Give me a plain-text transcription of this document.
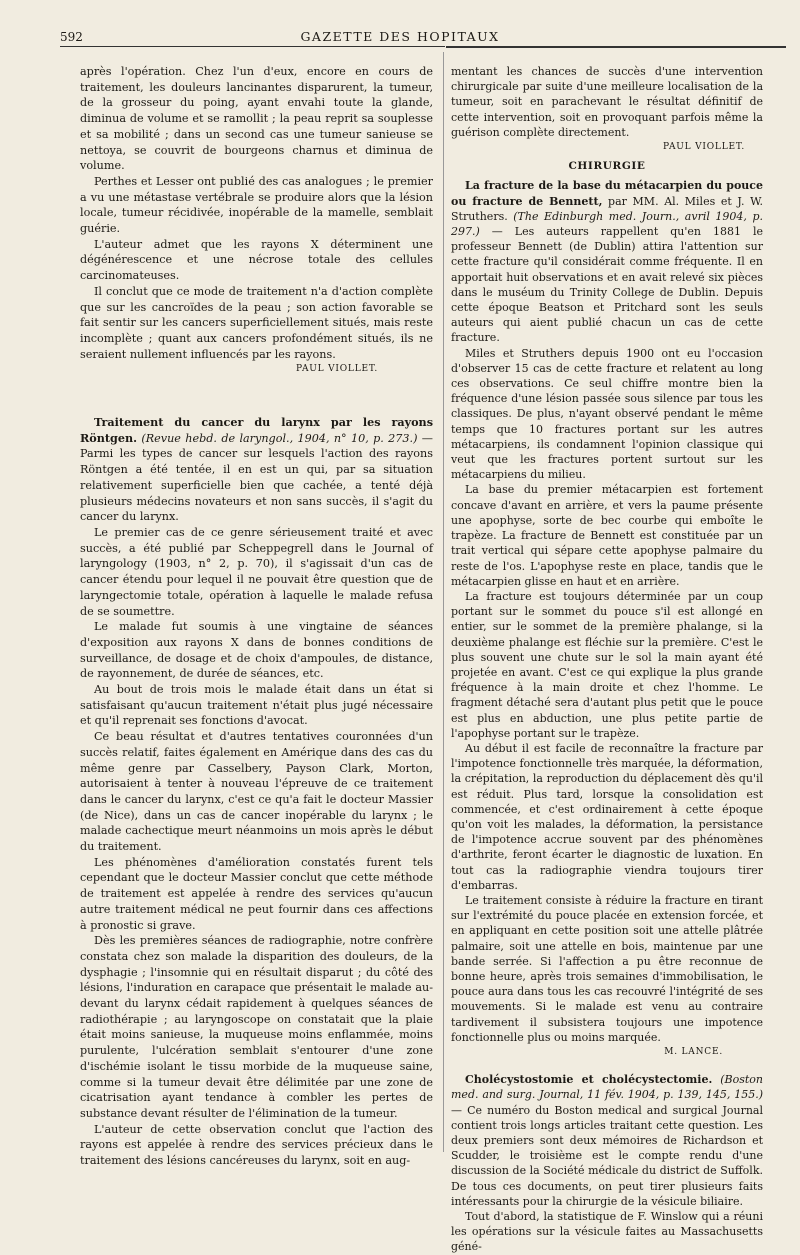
592	GAZETTE DES HOPITAUX

après l'opération. Chez l'un d'eux, encore en cours de traitement, les douleurs lancinantes disparurent, la tumeur, de la grosseur du poing, ayant envahi toute la glande, diminua de volume et se ramollit ; la peau reprit sa souplesse et sa mobilité ; dans un second cas une tumeur sanieuse se nettoya, se couvrit de bourgeons charnus et diminua de volume.

Perthes et Lesser ont publié des cas analogues ; le premier a vu une métastase vertébrale se produire alors que la lésion locale, tumeur récidivée, inopérable de la mamelle, semblait guérie.

L'auteur admet que les rayons X déterminent une dégénérescence et une nécrose totale des cellules carcinomateuses.

Il conclut que ce mode de traitement n'a d'action complète que sur les cancroïdes de la peau ; son action favorable se fait sentir sur les cancers superficiellement situés, mais reste incomplète ; quant aux cancers profondément situés, ils ne seraient nullement influencés par les rayons.

PAUL VIOLLET.

Traitement du cancer du larynx par les rayons Röntgen. (Revue hebd. de laryngol., 1904, n° 10, p. 273.) — Parmi les types de cancer sur lesquels l'action des rayons Röntgen a été tentée, il en est un qui, par sa situation relativement superficielle bien que cachée, a tenté déjà plusieurs médecins novateurs et non sans succès, il s'agit du cancer du larynx.

Le premier cas de ce genre sérieusement traité et avec succès, a été publié par Scheppegrell dans le Journal of laryngology (1903, n° 2, p. 70), il s'agissait d'un cas de cancer étendu pour lequel il ne pouvait être question que de laryngectomie totale, opération à laquelle le malade refusa de se soumettre.

Le malade fut soumis à une vingtaine de séances d'exposition aux rayons X dans de bonnes conditions de surveillance, de dosage et de choix d'ampoules, de distance, de rayonnement, de durée de séances, etc.

Au bout de trois mois le malade était dans un état si satisfaisant qu'aucun traitement n'était plus jugé nécessaire et qu'il reprenait ses fonctions d'avocat.

Ce beau résultat et d'autres tentatives couronnées d'un succès relatif, faites également en Amérique dans des cas du même genre par Casselbery, Payson Clark, Morton, autorisaient à tenter à nouveau l'épreuve de ce traitement dans le cancer du larynx, c'est ce qu'a fait le docteur Massier (de Nice), dans un cas de cancer inopérable du larynx ; le malade cachectique meurt néanmoins un mois après le début du traitement.

Les phénomènes d'amélioration constatés furent tels cependant que le docteur Massier conclut que cette méthode de traitement est appelée à rendre des services qu'aucun autre traitement médical ne peut fournir dans ces affections à pronostic si grave.

Dès les premières séances de radiographie, notre confrère constata chez son malade la disparition des douleurs, de la dysphagie ; l'insomnie qui en résultait disparut ; du côté des lésions, l'induration en carapace que présentait le malade au-devant du larynx cédait rapidement à quelques séances de radiothérapie ; au laryngoscope on constatait que la plaie était moins sanieuse, la muqueuse moins enflammée, moins purulente, l'ulcération semblait s'entourer d'une zone d'ischémie isolant le tissu morbide de la muqueuse saine, comme si la tumeur devait être délimitée par une zone de cicatrisation ayant tendance à combler les pertes de substance devant résulter de l'élimination de la tumeur.

L'auteur de cette observation conclut que l'action des rayons est appelée à rendre des services précieux dans le traitement des lésions cancéreuses du larynx, soit en aug-

mentant les chances de succès d'une intervention chirurgicale par suite d'une meilleure localisation de la tumeur, soit en parachevant le résultat définitif de cette intervention, soit en provoquant parfois même la guérison complète directement.

PAUL VIOLLET.
CHIRURGIE

La fracture de la base du métacarpien du pouce ou fracture de Bennett, par MM. Al. Miles et J. W. Struthers. (The Edinburgh med. Journ., avril 1904, p. 297.) — Les auteurs rappellent qu'en 1881 le professeur Bennett (de Dublin) attira l'attention sur cette fracture qu'il considérait comme fréquente. Il en apportait huit observations et en avait relevé six pièces dans le muséum du Trinity College de Dublin. Depuis cette époque Beatson et Pritchard sont les seuls auteurs qui aient publié chacun un cas de cette fracture.

Miles et Struthers depuis 1900 ont eu l'occasion d'observer 15 cas de cette fracture et relatent au long ces observations. Ce seul chiffre montre bien la fréquence d'une lésion passée sous silence par tous les classiques. De plus, n'ayant observé pendant le même temps que 10 fractures portant sur les autres métacarpiens, ils condamnent l'opinion classique qui veut que les fractures portent surtout sur les métacarpiens du milieu.

La base du premier métacarpien est fortement concave d'avant en arrière, et vers la paume présente une apophyse, sorte de bec courbe qui emboîte le trapèze. La fracture de Bennett est constituée par un trait vertical qui sépare cette apophyse palmaire du reste de l'os. L'apophyse reste en place, tandis que le métacarpien glisse en haut et en arrière.

La fracture est toujours déterminée par un coup portant sur le sommet du pouce s'il est allongé en entier, sur le sommet de la première phalange, si la deuxième phalange est fléchie sur la première. C'est le plus souvent une chute sur le sol la main ayant été projetée en avant. C'est ce qui explique la plus grande fréquence à la main droite et chez l'homme. Le fragment détaché sera d'autant plus petit que le pouce est plus en abduction, une plus petite partie de l'apophyse portant sur le trapèze.

Au début il est facile de reconnaître la fracture par l'impotence fonctionnelle très marquée, la déformation, la crépitation, la reproduction du déplacement dès qu'il est réduit. Plus tard, lorsque la consolidation est commencée, et c'est ordinairement à cette époque qu'on voit les malades, la déformation, la persistance de l'impotence accrue souvent par des phénomènes d'arthrite, feront écarter le diagnostic de luxation. En tout cas la radiographie viendra toujours tirer d'embarras.

Le traitement consiste à réduire la fracture en tirant sur l'extrémité du pouce placée en extension forcée, et en appliquant en cette position soit une attelle plâtrée palmaire, soit une attelle en bois, maintenue par une bande serrée. Si l'affection a pu être reconnue de bonne heure, après trois semaines d'immobilisation, le pouce aura dans tous les cas recouvré l'intégrité de ses mouvements. Si le malade est venu au contraire tardivement il subsistera toujours une impotence fonctionnelle plus ou moins marquée.

M. LANCE.

Cholécystostomie et cholécystectomie. (Boston med. and surg. Journal, 11 fév. 1904, p. 139, 145, 155.) — Ce numéro du Boston medical and surgical Journal contient trois longs articles traitant cette question. Les deux premiers sont deux mémoires de Richardson et Scudder, le troisième est le compte rendu d'une discussion de la Société médicale du district de Suffolk. De tous ces documents, on peut tirer plusieurs faits intéressants pour la chirurgie de la vésicule biliaire.

Tout d'abord, la statistique de F. Winslow qui a réuni les opérations sur la vésicule faites au Massachusetts géné-
